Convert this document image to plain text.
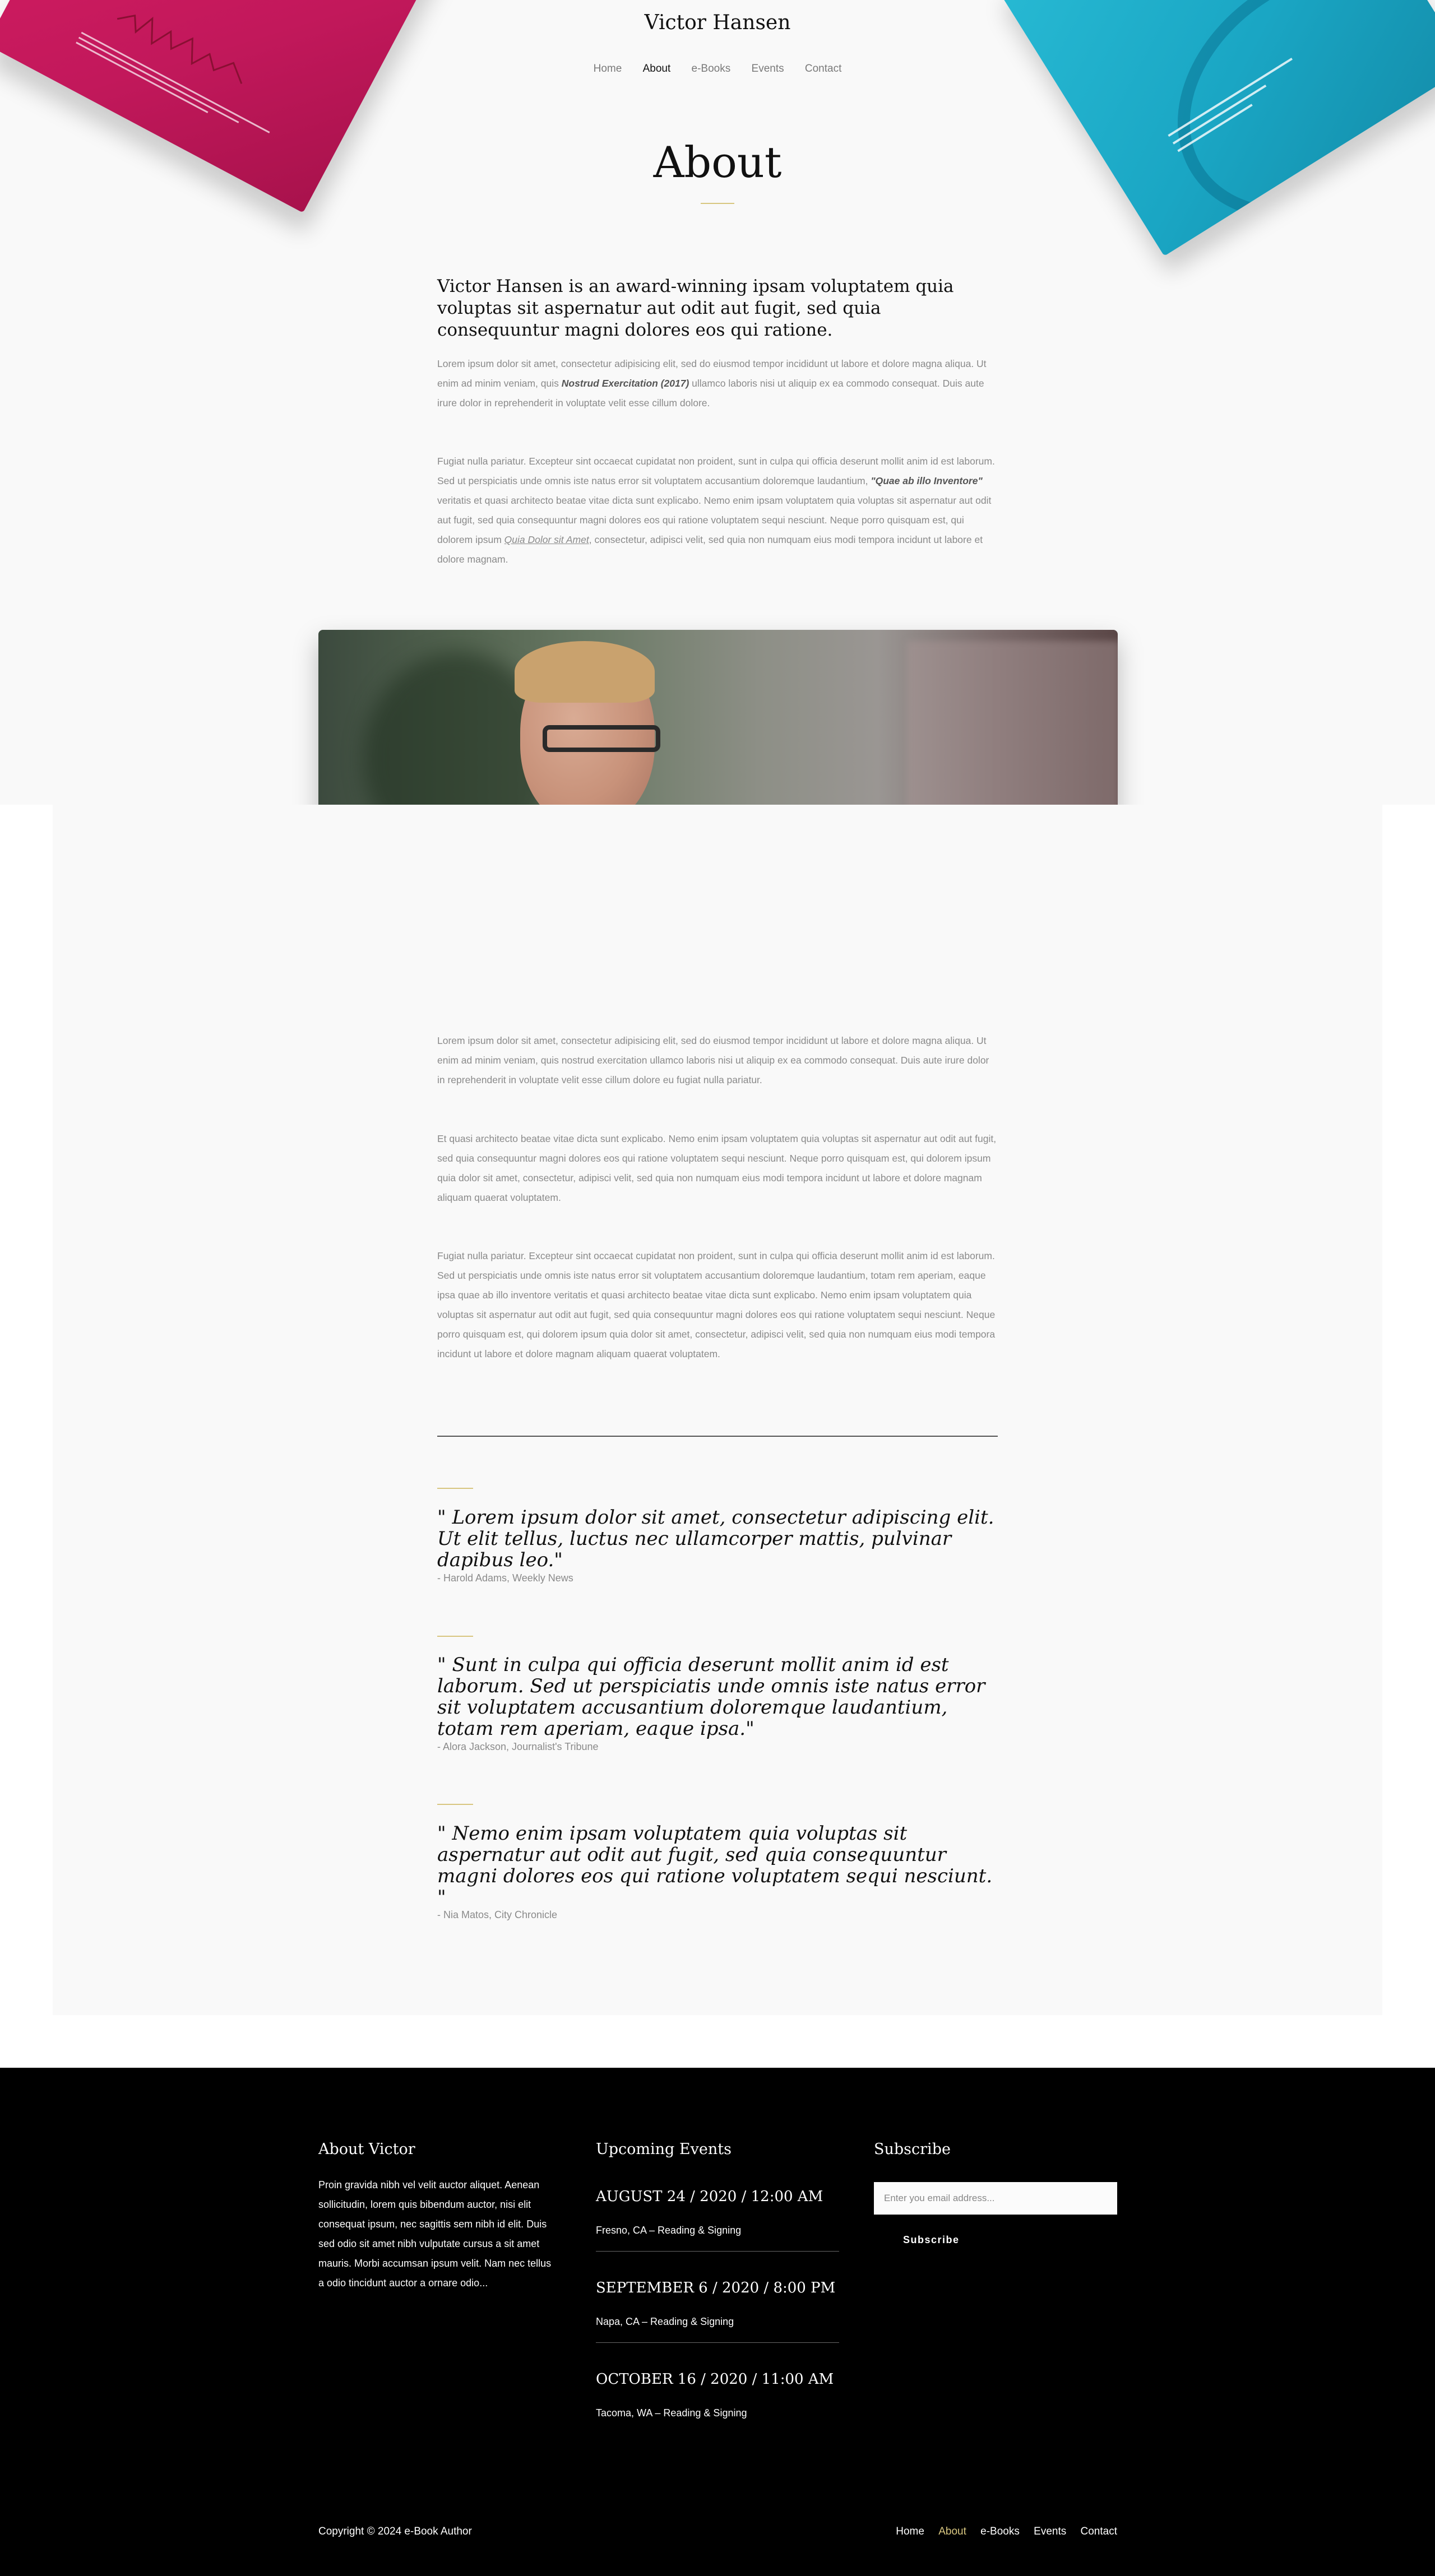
Victor Hansen
Home About e-Books Events Contact
About

Victor Hansen is an award-winning ipsam voluptatem quia voluptas sit aspernatur aut odit aut fugit, sed quia consequuntur magni dolores eos qui ratione.

Lorem ipsum dolor sit amet, consectetur adipisicing elit, sed do eiusmod tempor incididunt ut labore et dolore magna aliqua. Ut enim ad minim veniam, quis Nostrud Exercitation (2017) ullamco laboris nisi ut aliquip ex ea commodo consequat. Duis aute irure dolor in reprehenderit in voluptate velit esse cillum dolore.

Fugiat nulla pariatur. Excepteur sint occaecat cupidatat non proident, sunt in culpa qui officia deserunt mollit anim id est laborum. Sed ut perspiciatis unde omnis iste natus error sit voluptatem accusantium doloremque laudantium, "Quae ab illo Inventore" veritatis et quasi architecto beatae vitae dicta sunt explicabo. Nemo enim ipsam voluptatem quia voluptas sit aspernatur aut odit aut fugit, sed quia consequuntur magni dolores eos qui ratione voluptatem sequi nesciunt. Neque porro quisquam est, qui dolorem ipsum Quia Dolor sit Amet, consectetur, adipisci velit, sed quia non numquam eius modi tempora incidunt ut labore et dolore magnam.

Lorem ipsum dolor sit amet, consectetur adipisicing elit, sed do eiusmod tempor incididunt ut labore et dolore magna aliqua. Ut enim ad minim veniam, quis nostrud exercitation ullamco laboris nisi ut aliquip ex ea commodo consequat. Duis aute irure dolor in reprehenderit in voluptate velit esse cillum dolore eu fugiat nulla pariatur.

Et quasi architecto beatae vitae dicta sunt explicabo. Nemo enim ipsam voluptatem quia voluptas sit aspernatur aut odit aut fugit, sed quia consequuntur magni dolores eos qui ratione voluptatem sequi nesciunt. Neque porro quisquam est, qui dolorem ipsum quia dolor sit amet, consectetur, adipisci velit, sed quia non numquam eius modi tempora incidunt ut labore et dolore magnam aliquam quaerat voluptatem.

Fugiat nulla pariatur. Excepteur sint occaecat cupidatat non proident, sunt in culpa qui officia deserunt mollit anim id est laborum. Sed ut perspiciatis unde omnis iste natus error sit voluptatem accusantium doloremque laudantium, totam rem aperiam, eaque ipsa quae ab illo inventore veritatis et quasi architecto beatae vitae dicta sunt explicabo. Nemo enim ipsam voluptatem quia voluptas sit aspernatur aut odit aut fugit, sed quia consequuntur magni dolores eos qui ratione voluptatem sequi nesciunt. Neque porro quisquam est, qui dolorem ipsum quia dolor sit amet, consectetur, adipisci velit, sed quia non numquam eius modi tempora incidunt ut labore et dolore magnam aliquam quaerat voluptatem.

" Lorem ipsum dolor sit amet, consectetur adipiscing elit. Ut elit tellus, luctus nec ullamcorper mattis, pulvinar dapibus leo."

- Harold Adams, Weekly News

" Sunt in culpa qui officia deserunt mollit anim id est laborum. Sed ut perspiciatis unde omnis iste natus error sit voluptatem accusantium doloremque laudantium, totam rem aperiam, eaque ipsa."

- Alora Jackson, Journalist's Tribune

" Nemo enim ipsam voluptatem quia voluptas sit aspernatur aut odit aut fugit, sed quia consequuntur magni dolores eos qui ratione voluptatem sequi nesciunt. "

- Nia Matos, City Chronicle

About Victor

Proin gravida nibh vel velit auctor aliquet. Aenean sollicitudin, lorem quis bibendum auctor, nisi elit consequat ipsum, nec sagittis sem nibh id elit. Duis sed odio sit amet nibh vulputate cursus a sit amet mauris. Morbi accumsan ipsum velit. Nam nec tellus a odio tincidunt auctor a ornare odio...

Upcoming Events
AUGUST 24 / 2020 / 12:00 AM
Fresno, CA – Reading & Signing
SEPTEMBER 6 / 2020 / 8:00 PM
Napa, CA – Reading & Signing
OCTOBER 16 / 2020 / 11:00 AM
Tacoma, WA – Reading & Signing
Subscribe
Enter you email address...
Subscribe
Copyright © 2024 e-Book Author	Home About e-Books Events Contact
